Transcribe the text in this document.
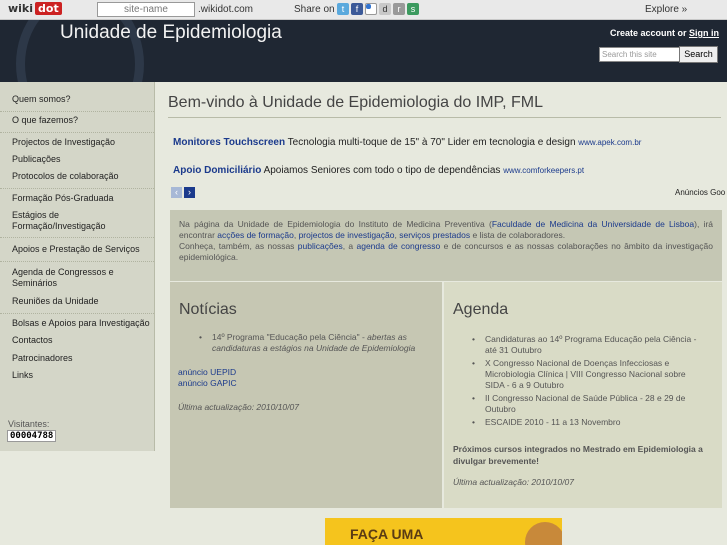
wiki dot	site-name	.wikidot.com	Share on t f	d r s	Explore »
Unidade de Epidemiologia	Create account or Sign in
Search this site	Search
Quem somos?
O que fazemos?
Projectos de Investigação
Publicações
Protocolos de colaboração
Formação Pós-Graduada
Estágios de Formação/Investigação
Apoios e Prestação de Serviços
Agenda de Congressos e Seminários
Reuniões da Unidade
Bolsas e Apoios para Investigação
Contactos
Patrocinadores
Links
Visitantes:
00004788
Bem-vindo à Unidade de Epidemiologia do IMP, FML
Monitores Touchscreen Tecnologia multi-toque de 15" à 70" Lider em tecnologia e design www.apek.com.br
Apoio Domiciliário Apoiamos Seniores com todo o tipo de dependências www.comforkeepers.pt
‹ ›	Anúncios Goo
Na página da Unidade de Epidemiologia do Instituto de Medicina Preventiva (Faculdade de Medicina da Universidade de Lisboa), irá encontrar acções de formação, projectos de investigação, serviços prestados e lista de colaboradores.
Conheça, também, as nossas publicações, a agenda de congresso e de concursos e as nossas colaborações no âmbito da investigação epidemiológica.
Notícias
• 14º Programa "Educação pela Ciência" - abertas as candidaturas a estágios na Unidade de Epidemiologia
anúncio UEPID
anúncio GAPIC
Última actualização: 2010/10/07
Agenda
• Candidaturas ao 14º Programa Educação pela Ciência - até 31 Outubro
• X Congresso Nacional de Doenças Infecciosas e Microbiologia Clínica | VIII Congresso Nacional sobre SIDA - 6 a 9 Outubro
• II Congresso Nacional de Saúde Pública - 28 e 29 de Outubro
• ESCAIDE 2010 - 11 a 13 Novembro
Próximos cursos integrados no Mestrado em Epidemiologia a divulgar brevemente!
Última actualização: 2010/10/07
FAÇA UMA
